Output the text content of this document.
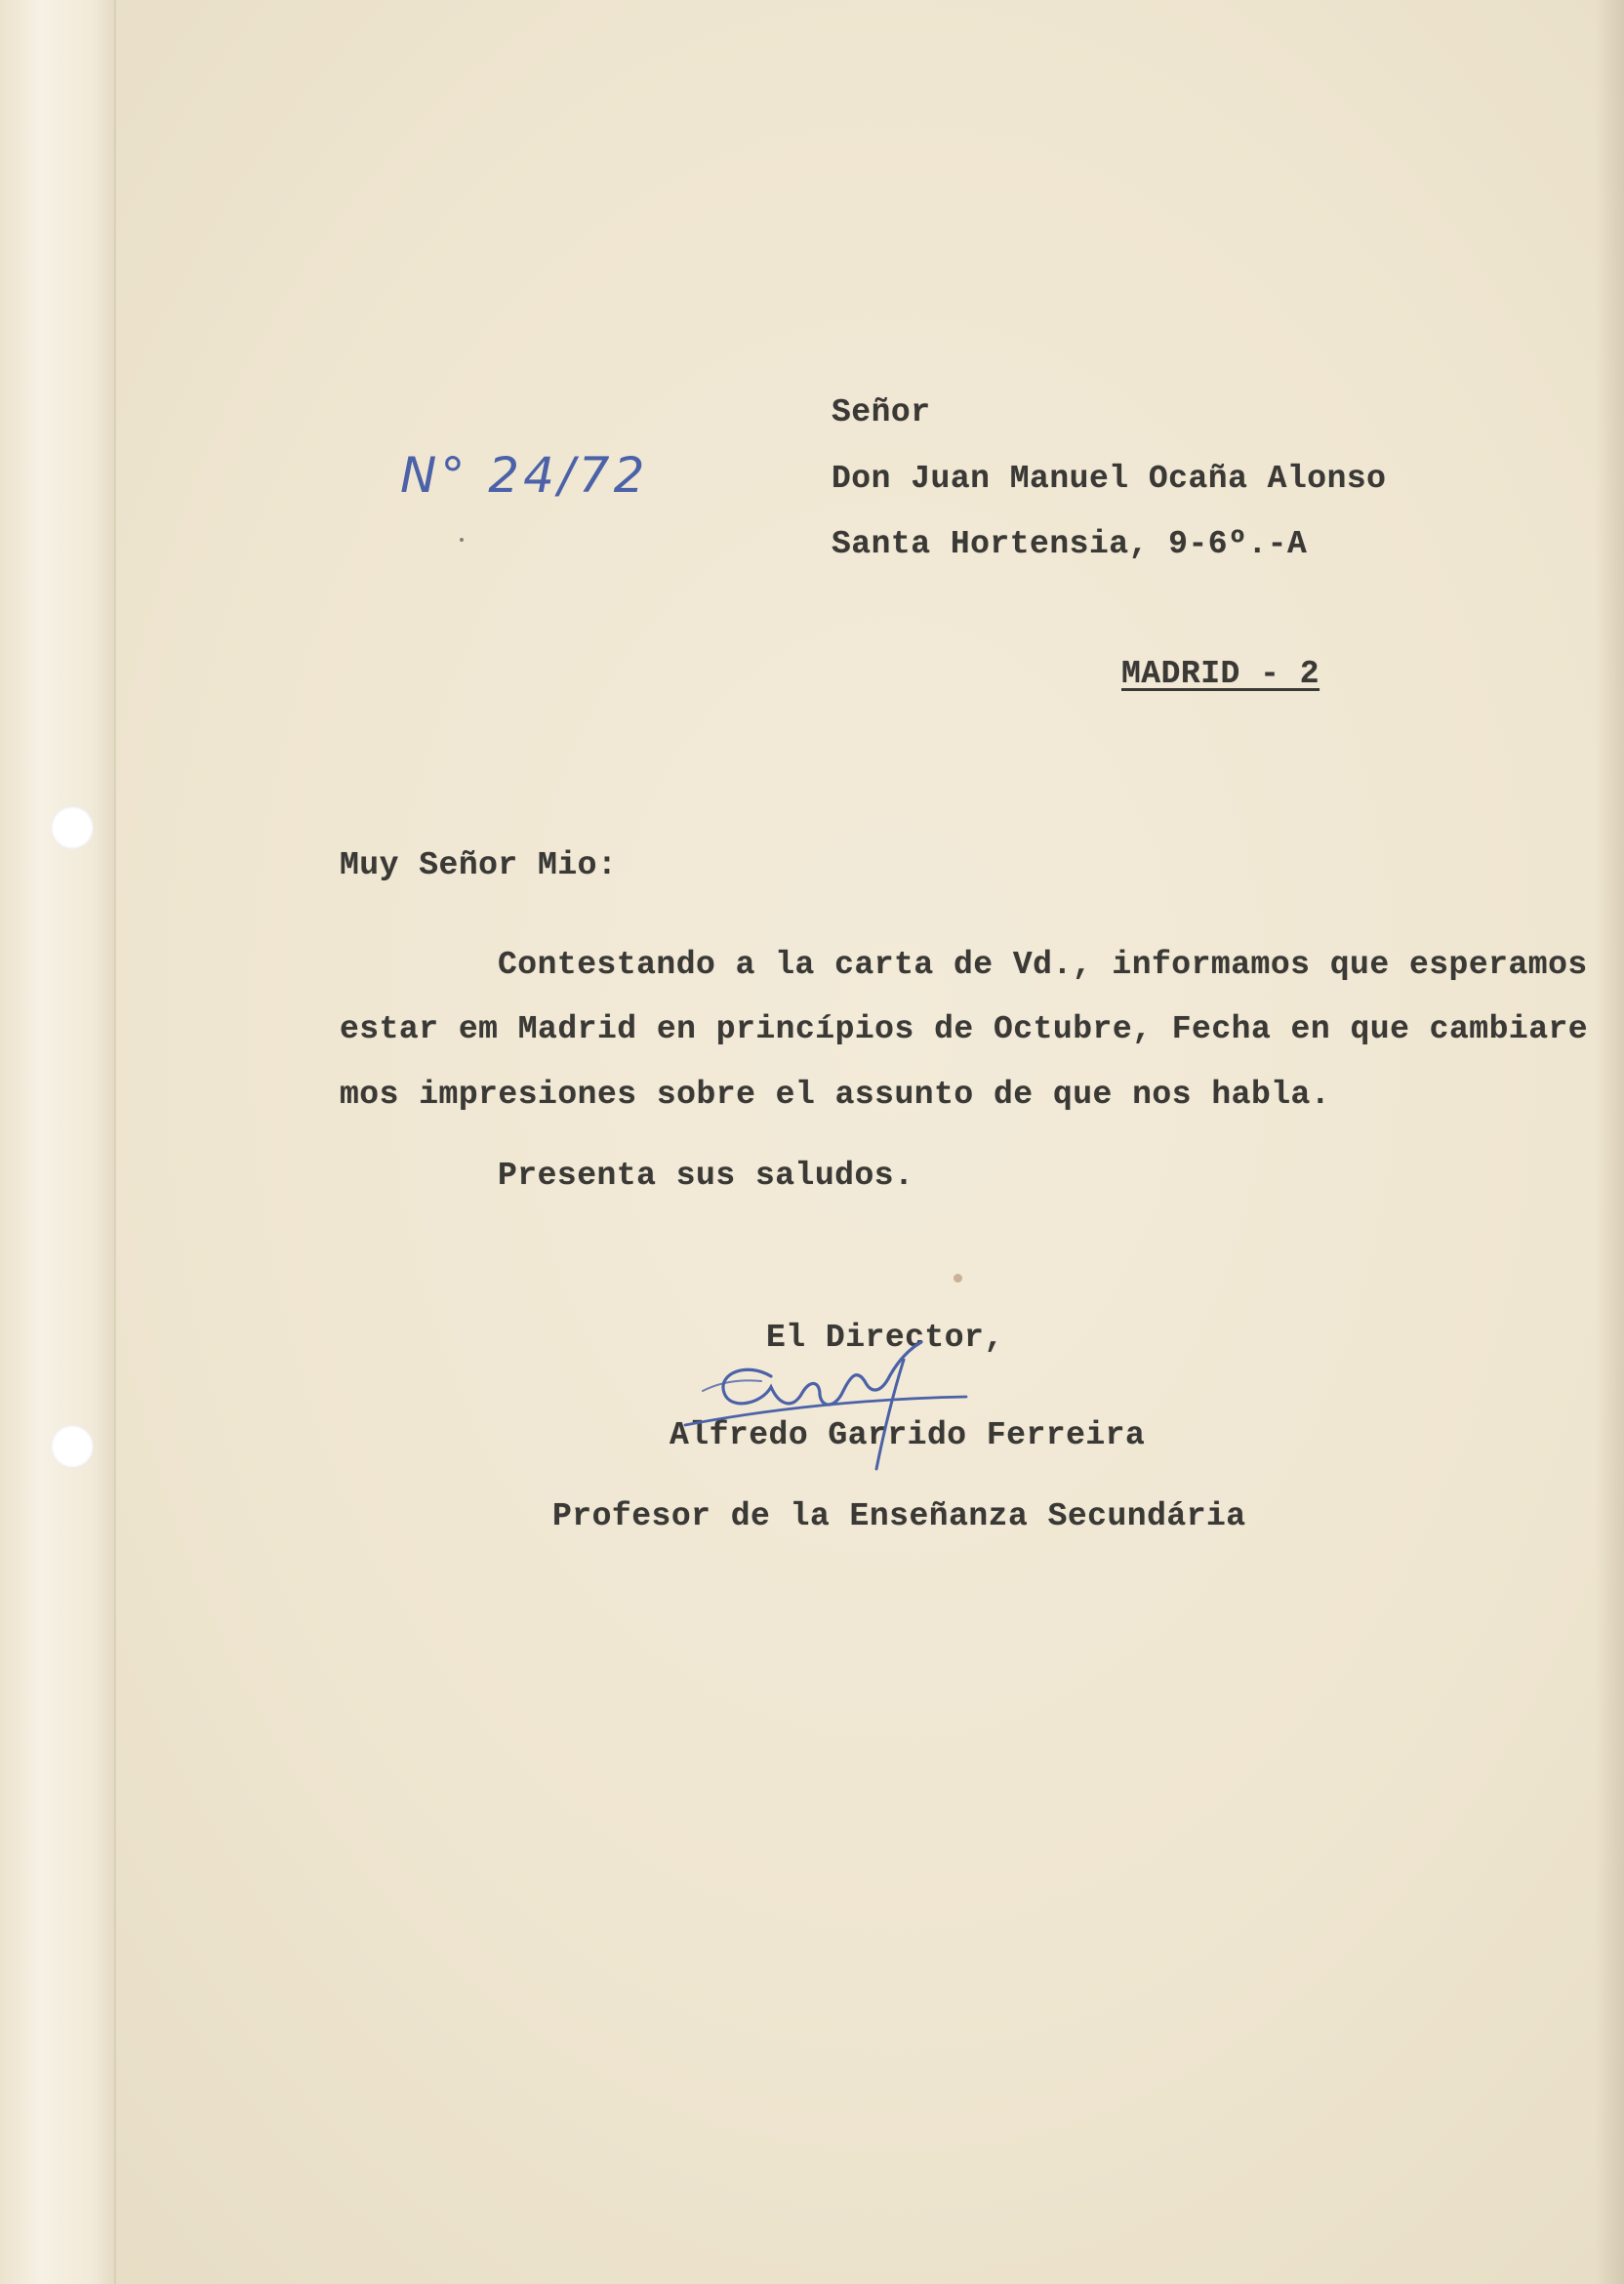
N° 24/72
Señor
Don Juan Manuel Ocaña Alonso
Santa Hortensia, 9-6º.-A
MADRID - 2
Muy Señor Mio:
Contestando a la carta de Vd., informamos que esperamos
estar em Madrid en princípios de Octubre, Fecha en que cambiare
mos impresiones sobre el assunto de que nos habla.
Presenta sus saludos.
El Director,
Alfredo Garrido Ferreira
Profesor de la Enseñanza Secundária
